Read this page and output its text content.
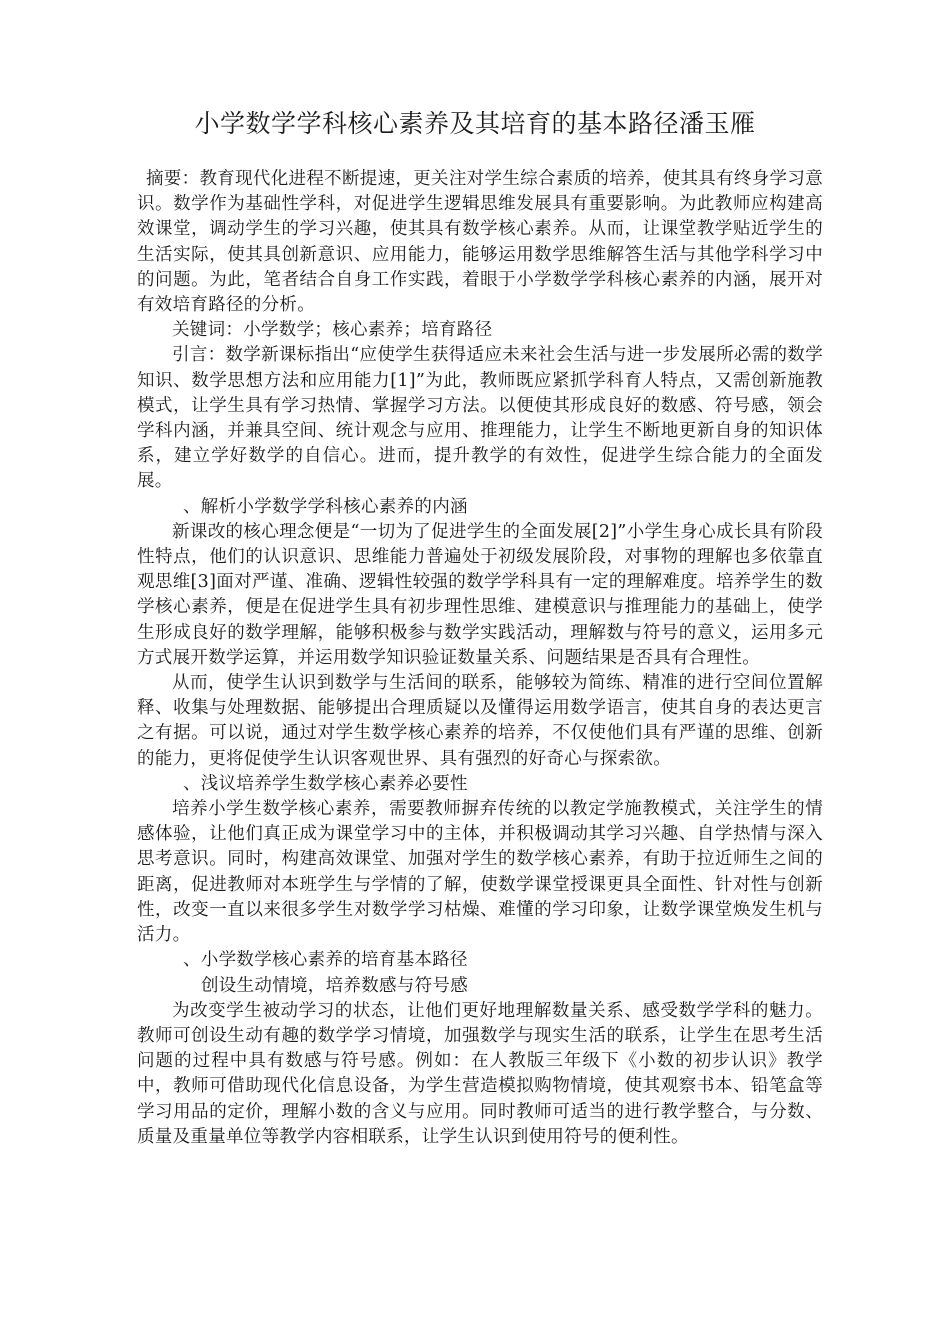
小学数学学科核心素养及其培育的基本路径潘玉雁

摘要：教育现代化进程不断提速，更关注对学生综合素质的培养，使其具有终身学习意识。数学作为基础性学科，对促进学生逻辑思维发展具有重要影响。为此教师应构建高效课堂，调动学生的学习兴趣，使其具有数学核心素养。从而，让课堂教学贴近学生的生活实际，使其具创新意识、应用能力，能够运用数学思维解答生活与其他学科学习中的问题。为此，笔者结合自身工作实践，着眼于小学数学学科核心素养的内涵，展开对有效培育路径的分析。

关键词：小学数学；核心素养；培育路径

引言：数学新课标指出“应使学生获得适应未来社会生活与进一步发展所必需的数学知识、数学思想方法和应用能力[1]”为此，教师既应紧抓学科育人特点，又需创新施教模式，让学生具有学习热情、掌握学习方法。以便使其形成良好的数感、符号感，领会学科内涵，并兼具空间、统计观念与应用、推理能力，让学生不断地更新自身的知识体系，建立学好数学的自信心。进而，提升教学的有效性，促进学生综合能力的全面发展。

、解析小学数学学科核心素养的内涵

新课改的核心理念便是“一切为了促进学生的全面发展[2]”小学生身心成长具有阶段性特点，他们的认识意识、思维能力普遍处于初级发展阶段，对事物的理解也多依靠直观思维[3]面对严谨、准确、逻辑性较强的数学学科具有一定的理解难度。培养学生的数学核心素养，便是在促进学生具有初步理性思维、建模意识与推理能力的基础上，使学生形成良好的数学理解，能够积极参与数学实践活动，理解数与符号的意义，运用多元方式展开数学运算，并运用数学知识验证数量关系、问题结果是否具有合理性。

从而，使学生认识到数学与生活间的联系，能够较为简练、精准的进行空间位置解释、收集与处理数据、能够提出合理质疑以及懂得运用数学语言，使其自身的表达更言之有据。可以说，通过对学生数学核心素养的培养，不仅使他们具有严谨的思维、创新的能力，更将促使学生认识客观世界、具有强烈的好奇心与探索欲。

、浅议培养学生数学核心素养必要性

培养小学生数学核心素养，需要教师摒弃传统的以教定学施教模式，关注学生的情感体验，让他们真正成为课堂学习中的主体，并积极调动其学习兴趣、自学热情与深入思考意识。同时，构建高效课堂、加强对学生的数学核心素养，有助于拉近师生之间的距离，促进教师对本班学生与学情的了解，使数学课堂授课更具全面性、针对性与创新性，改变一直以来很多学生对数学学习枯燥、难懂的学习印象，让数学课堂焕发生机与活力。

、小学数学核心素养的培育基本路径

创设生动情境，培养数感与符号感

为改变学生被动学习的状态，让他们更好地理解数量关系、感受数学学科的魅力。教师可创设生动有趣的数学学习情境，加强数学与现实生活的联系，让学生在思考生活问题的过程中具有数感与符号感。例如：在人教版三年级下《小数的初步认识》教学中，教师可借助现代化信息设备，为学生营造模拟购物情境，使其观察书本、铅笔盒等学习用品的定价，理解小数的含义与应用。同时教师可适当的进行教学整合，与分数、质量及重量单位等教学内容相联系，让学生认识到使用符号的便利性。
